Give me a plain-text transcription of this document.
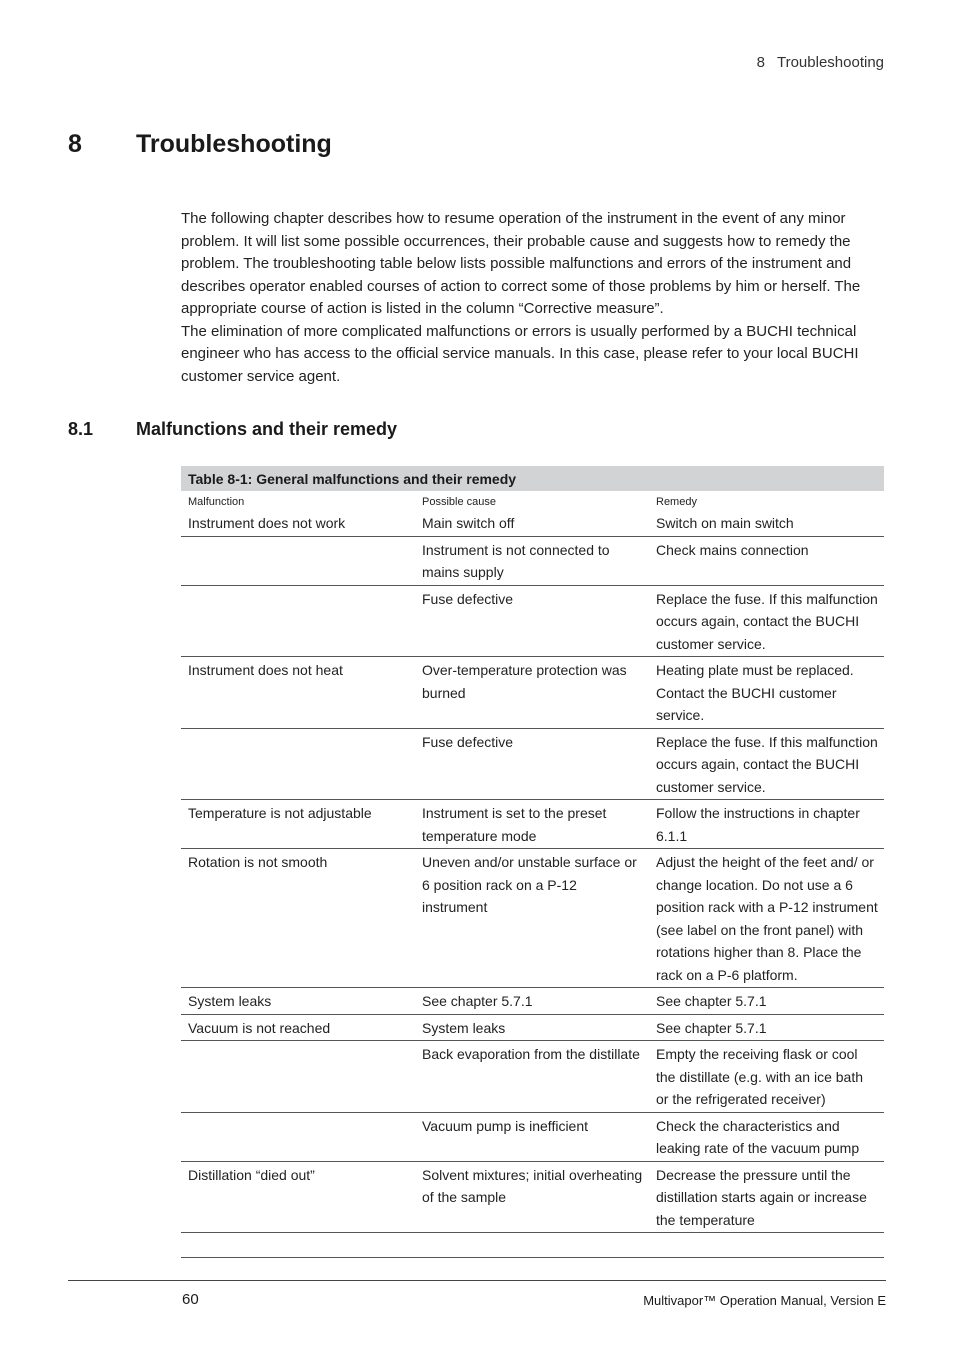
8 Troubleshooting
8 Troubleshooting

The following chapter describes how to resume operation of the instrument in the event of any minor problem. It will list some possible occurrences, their probable cause and suggests how to remedy the problem. The troubleshooting table below lists possible malfunctions and errors of the instrument and describes operator enabled courses of action to correct some of those problems by him or herself. The appropriate course of action is listed in the column “Corrective measure”.

The elimination of more complicated malfunctions or errors is usually performed by a BUCHI technical engineer who has access to the official service manuals. In this case, please refer to your local BUCHI customer service agent.

8.1 Malfunctions and their remedy
Table 8-1: General malfunctions and their remedy
Malfunction	Possible cause	Remedy
Instrument does not work	Main switch off	Switch on main switch
	Instrument is not connected to mains supply	Check mains connection
	Fuse defective	Replace the fuse. If this malfunction occurs again, contact the BUCHI customer service.
Instrument does not heat	Over-temperature protection was burned	Heating plate must be replaced. Contact the BUCHI customer service.
	Fuse defective	Replace the fuse. If this malfunction occurs again, contact the BUCHI customer service.
Temperature is not adjustable	Instrument is set to the preset temperature mode	Follow the instructions in chapter 6.1.1
Rotation is not smooth	Uneven and/or unstable surface or 6 position rack on a P-12 instrument	Adjust the height of the feet and/ or change location. Do not use a 6 position rack with a P-12 instrument (see label on the front panel) with rotations higher than 8. Place the rack on a P-6 platform.
System leaks	See chapter 5.7.1	See chapter 5.7.1
Vacuum is not reached	System leaks	See chapter 5.7.1
	Back evaporation from the distillate	Empty the receiving flask or cool the distillate (e.g. with an ice bath or the refrigerated receiver)
	Vacuum pump is inefficient	Check the characteristics and leaking rate of the vacuum pump
Distillation “died out”	Solvent mixtures; initial overheating of the sample	Decrease the pressure until the distillation starts again or increase the temperature

60	Multivapor™ Operation Manual, Version E
